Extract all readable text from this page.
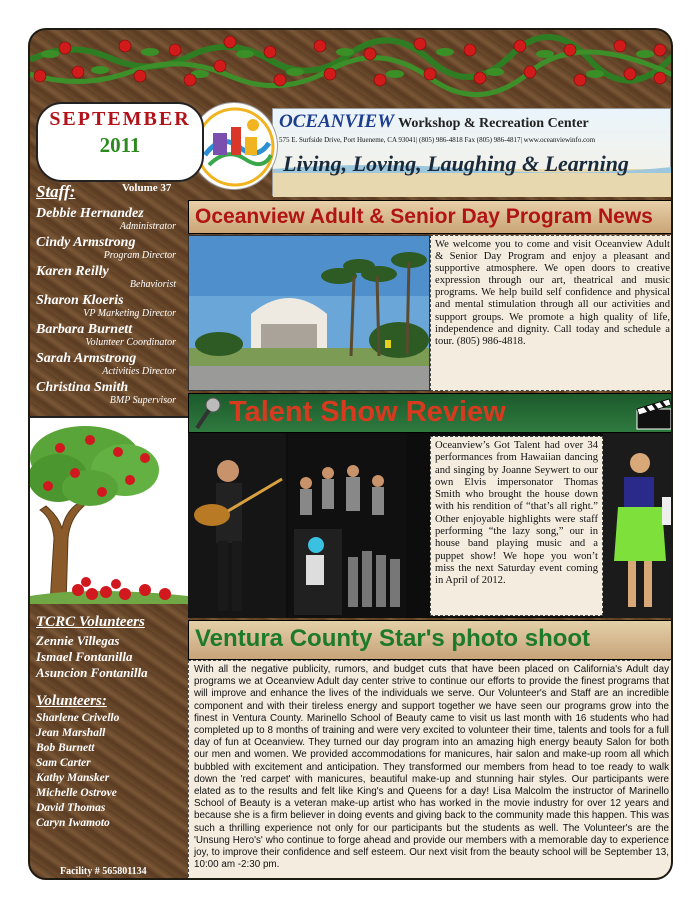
SEPTEMBER
2011
Staff:	Volume 37
Debbie Hernandez
Administrator
Cindy Armstrong
Program Director
Karen Reilly
Behaviorist
Sharon Kloeris
VP Marketing Director
Barbara Burnett
Volunteer Coordinator
Sarah Armstrong
Activities Director
Christina Smith
BMP Supervisor
TCRC Volunteers
Zennie Villegas
Ismael Fontanilla
Asuncion Fontanilla
Volunteers:
Sharlene Crivello
Jean Marshall
Bob Burnett
Sam Carter
Kathy Mansker
Michelle Ostrove
David Thomas
Caryn Iwamoto
Facility # 565801134
OCEANVIEW Workshop & Recreation Center
575 E. Surfside Drive, Port Hueneme, CA 93041| (805) 986-4818 Fax (805) 986-4817| www.oceanviewinfo.com
Living, Loving, Laughing & Learning
Oceanview Adult & Senior Day Program News
We welcome you to come and visit Oceanview Adult & Senior Day Program and enjoy a pleasant and supportive atmosphere. We open doors to creative expression through our art, theatrical and music programs. We help build self confidence and physical and mental stimulation through all our activities and support groups. We promote a high quality of life, independence and dignity. Call today and schedule a tour. (805) 986-4818.
Talent Show Review
Oceanview’s Got Talent had over 34 performances from Hawaiian dancing and singing by Joanne Seywert to our own Elvis impersonator Thomas Smith who brought the house down with his rendition of “that’s all right.” Other enjoyable highlights were staff performing “the lazy song,” our in house band playing music and a puppet show! We hope you won’t miss the next Saturday event coming in April of 2012.
Ventura County Star's photo shoot
With all the negative publicity, rumors, and budget cuts that have been placed on California's Adult day programs we at Oceanview Adult day center strive to continue our efforts to provide the finest programs that will improve and enhance the lives of the individuals we serve. Our Volunteer's and Staff are an incredible component and with their tireless energy and support together we have seen our programs grow into the finest in Ventura County. Marinello School of Beauty came to visit us last month with 16 students who had completed up to 8 months of training and were very excited to volunteer their time, talents and tools for a full day of fun at Oceanview. They turned our day program into an amazing high energy beauty Salon for both our men and women. We provided accommodations for manicures, hair salon and make-up room all which bubbled with excitement and anticipation. They transformed our members from head to toe ready to walk down the 'red carpet' with manicures, beautiful make-up and stunning hair styles. Our participants were elated as to the results and felt like King's and Queens for a day! Lisa Malcolm the instructor of Marinello School of Beauty is a veteran make-up artist who has worked in the movie industry for over 12 years and because she is a firm believer in doing events and giving back to the community made this happen. This was such a thrilling experience not only for our participants but the students as well. The Volunteer's are the 'Unsung Hero's' who continue to forge ahead and provide our members with a memorable day to experience joy, to improve their confidence and self esteem. Our next visit from the beauty school will be September 13, 10:00 am -2:30 pm.
